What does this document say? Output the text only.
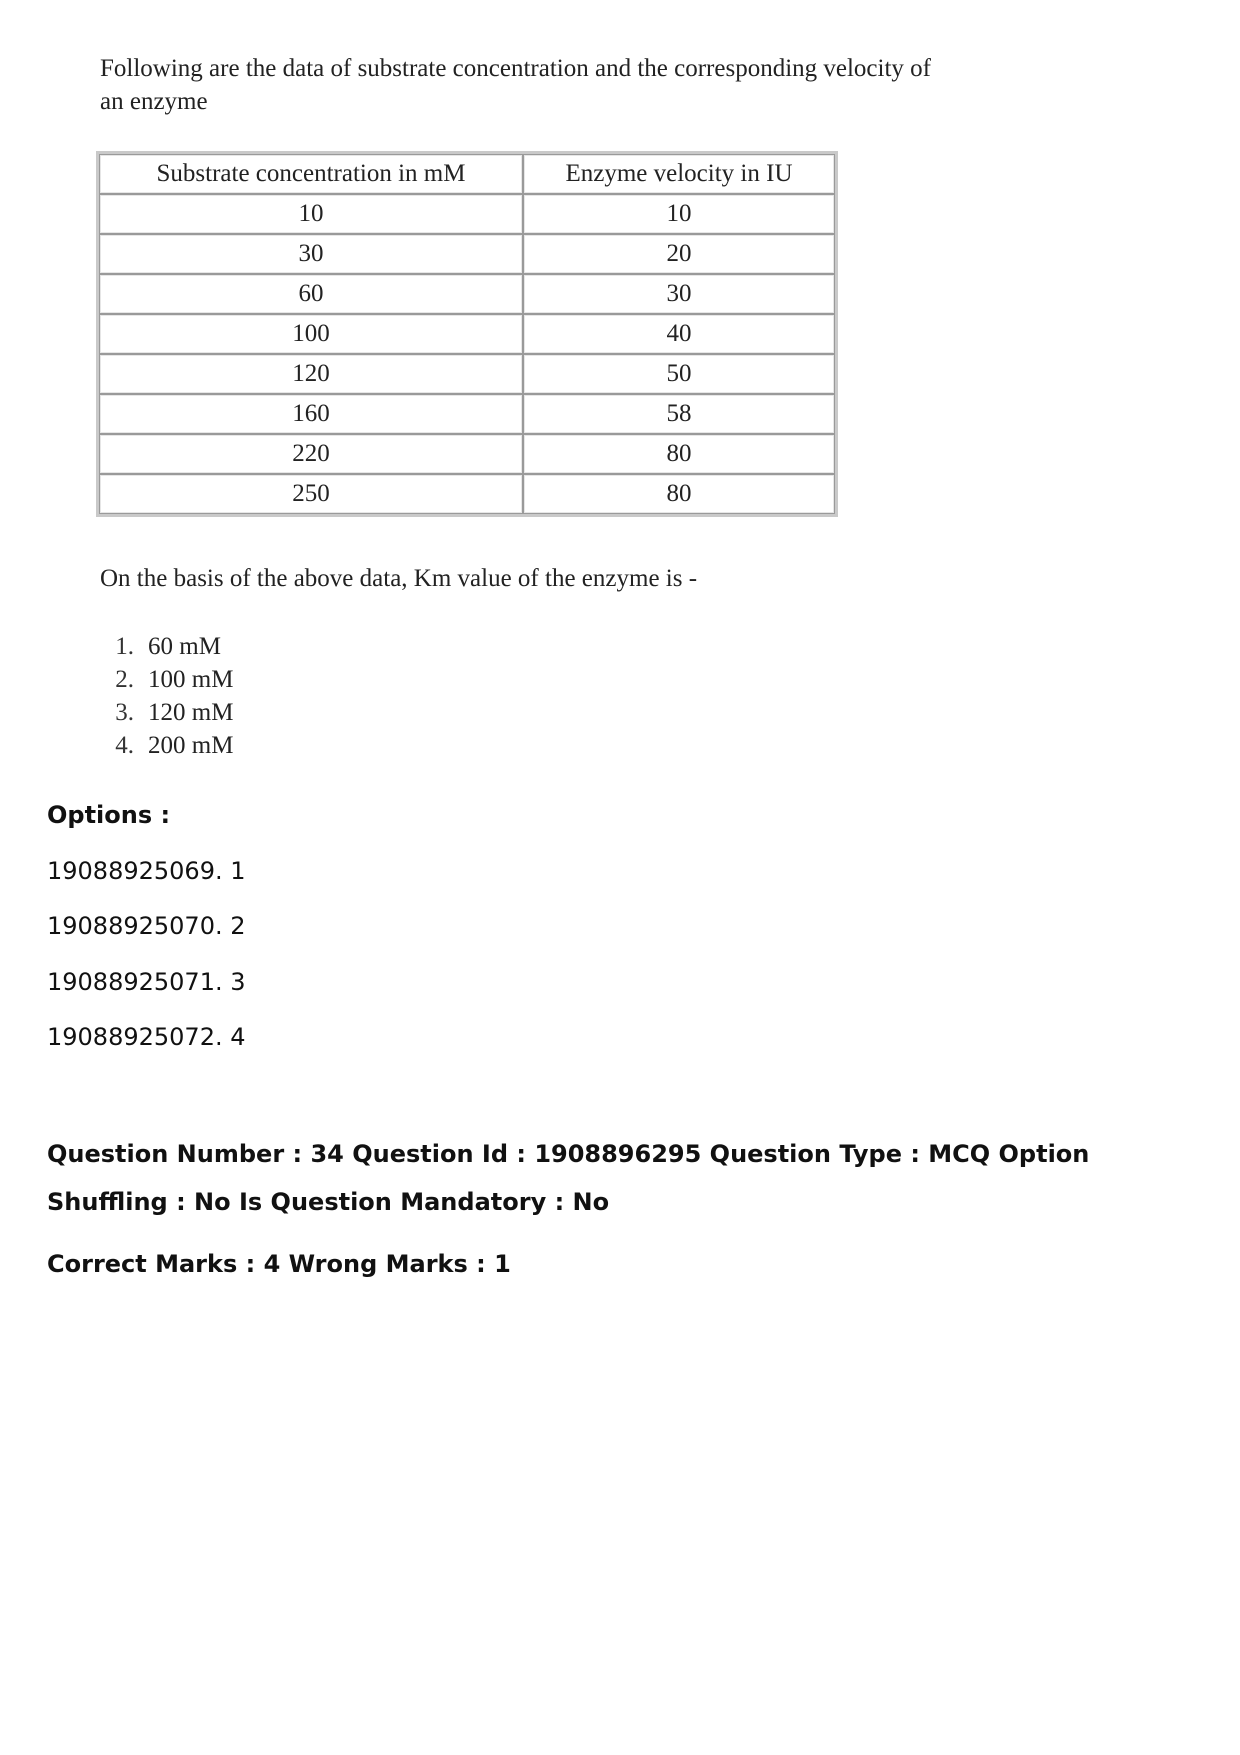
Following are the data of substrate concentration and the corresponding velocity of an enzyme
Substrate concentration in mM	Enzyme velocity in IU
10	10
30	20
60	30
100	40
120	50
160	58
220	80
250	80
On the basis of the above data, Km value of the enzyme is -
1. 60 mM
2. 100 mM
3. 120 mM
4. 200 mM
Options :
19088925069. 1
19088925070. 2
19088925071. 3
19088925072. 4
Question Number : 34 Question Id : 1908896295 Question Type : MCQ Option Shuffling : No Is Question Mandatory : No
Correct Marks : 4 Wrong Marks : 1
